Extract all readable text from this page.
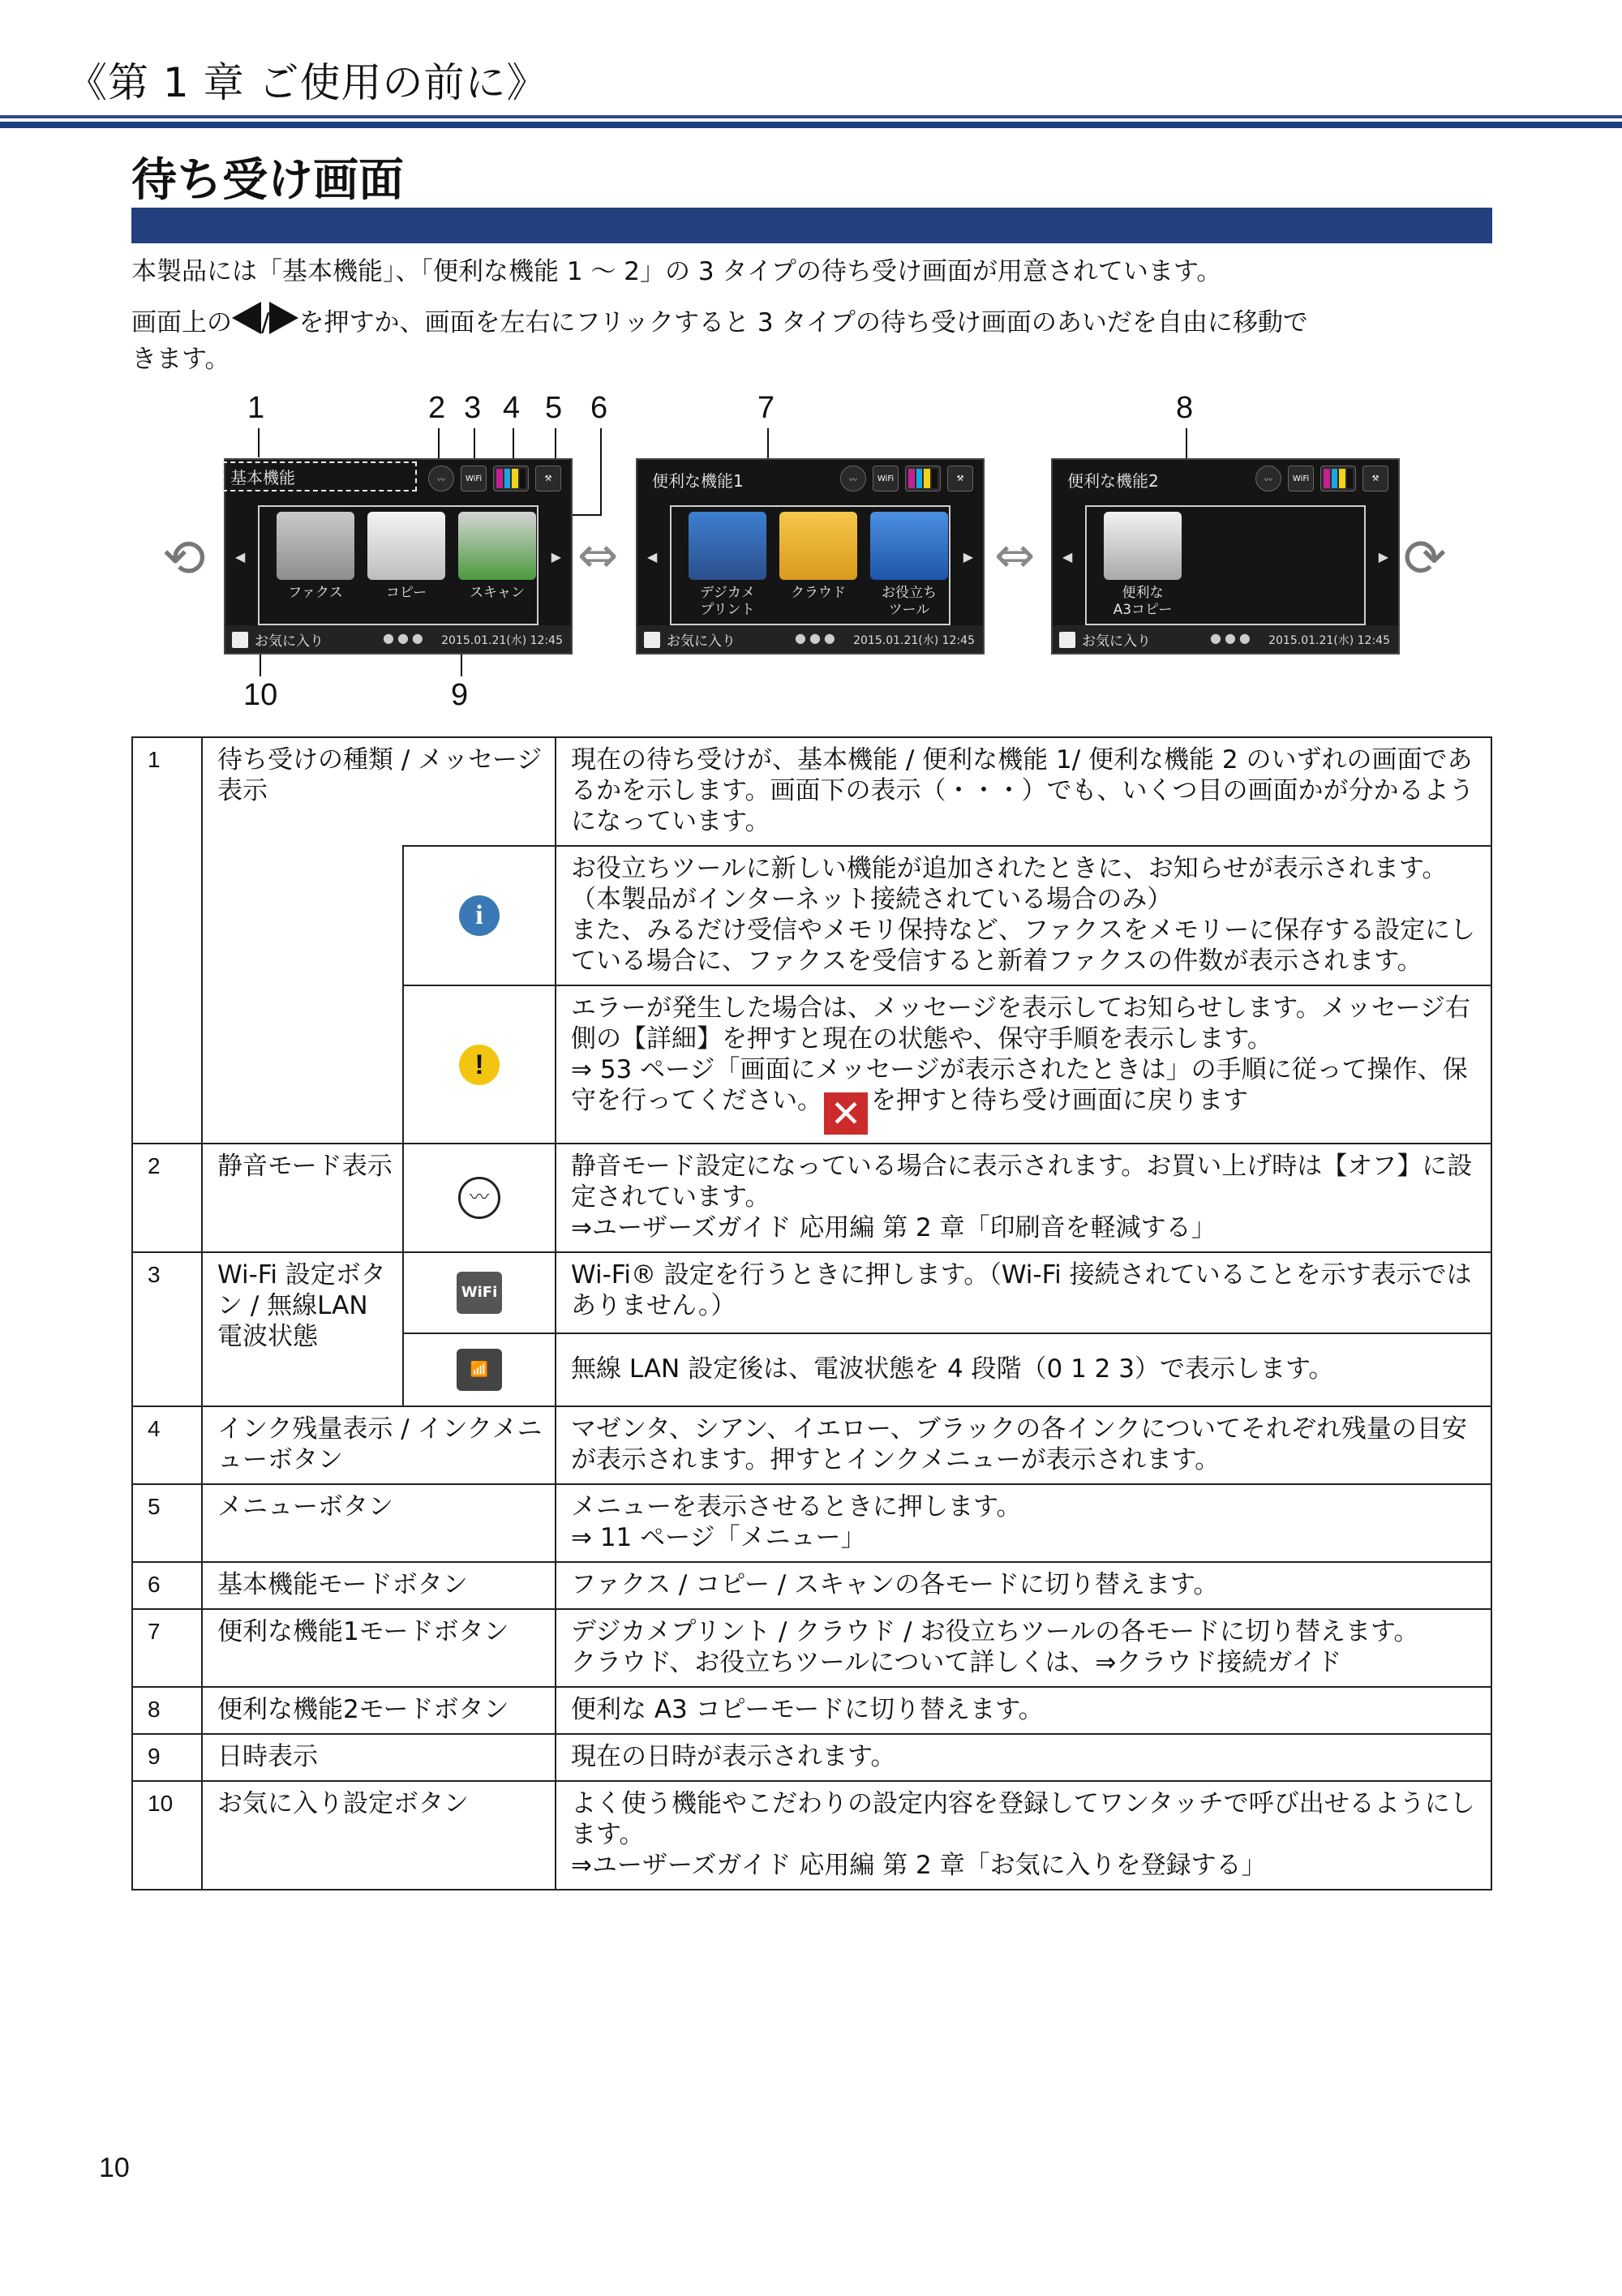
《第 1 章 ご使用の前に》
待ち受け画面
本製品には「基本機能」、「便利な機能 1 〜 2」の 3 タイプの待ち受け画面が用意されています。
画面上の / を押すか、画面を左右にフリックすると 3 タイプの待ち受け画面のあいだを自由に移動で
きます。
1	2 3 4 5 6	7	8
10	9
⟲	⇔	⇔	⟳
基本機能	〰	WiFi	⚒
◀
ファクス	コピー	スキャン
▶
お気に入り	●●● 2015.01.21(水) 12:45
便利な機能1	〰	WiFi	⚒
◀
デジカメ
プリント
クラウド	お役立ち
ツール
▶
お気に入り	●●● 2015.01.21(水) 12:45
便利な機能2	〰	WiFi	⚒
◀
便利な
A3コピー
▶
お気に入り	●●● 2015.01.21(水) 12:45
1	待ち受けの種類 / メッセージ表示		現在の待ち受けが、基本機能 / 便利な機能 1/ 便利な機能 2 のいずれの画面であるかを示します。画面下の表示（・・・）でも、いくつ目の画面かが分かるようになっています。
		i	お役立ちツールに新しい機能が追加されたときに、お知らせが表示されます。（本製品がインターネット接続されている場合のみ）
また、みるだけ受信やメモリ保持など、ファクスをメモリーに保存する設定にしている場合に、ファクスを受信すると新着ファクスの件数が表示されます。
		!	エラーが発生した場合は、メッセージを表示してお知らせします。メッセージ右側の【詳細】を押すと現在の状態や、保守手順を表示します。
⇒ 53 ページ「画面にメッセージが表示されたときは」の手順に従って操作、保守を行ってください。 ✕ を押すと待ち受け画面に戻ります
2	静音モード表示	〰	静音モード設定になっている場合に表示されます。お買い上げ時は【オフ】に設定されています。
⇒ユーザーズガイド 応用編 第 2 章「印刷音を軽減する」
3	Wi-Fi 設定ボタン / 無線LAN電波状態	WiFi	Wi-Fi® 設定を行うときに押します。（Wi-Fi 接続されていることを示す表示ではありません。）
		📶	無線 LAN 設定後は、電波状態を 4 段階（0 1 2 3）で表示します。
4	インク残量表示 / インクメニューボタン		マゼンタ、シアン、イエロー、ブラックの各インクについてそれぞれ残量の目安が表示されます。押すとインクメニューが表示されます。
5	メニューボタン		メニューを表示させるときに押します。
⇒ 11 ページ「メニュー」
6	基本機能モードボタン		ファクス / コピー / スキャンの各モードに切り替えます。
7	便利な機能1モードボタン		デジカメプリント / クラウド / お役立ちツールの各モードに切り替えます。
クラウド、お役立ちツールについて詳しくは、⇒クラウド接続ガイド
8	便利な機能2モードボタン		便利な A3 コピーモードに切り替えます。
9	日時表示		現在の日時が表示されます。
10	お気に入り設定ボタン		よく使う機能やこだわりの設定内容を登録してワンタッチで呼び出せるようにします。
⇒ユーザーズガイド 応用編 第 2 章「お気に入りを登録する」
10
